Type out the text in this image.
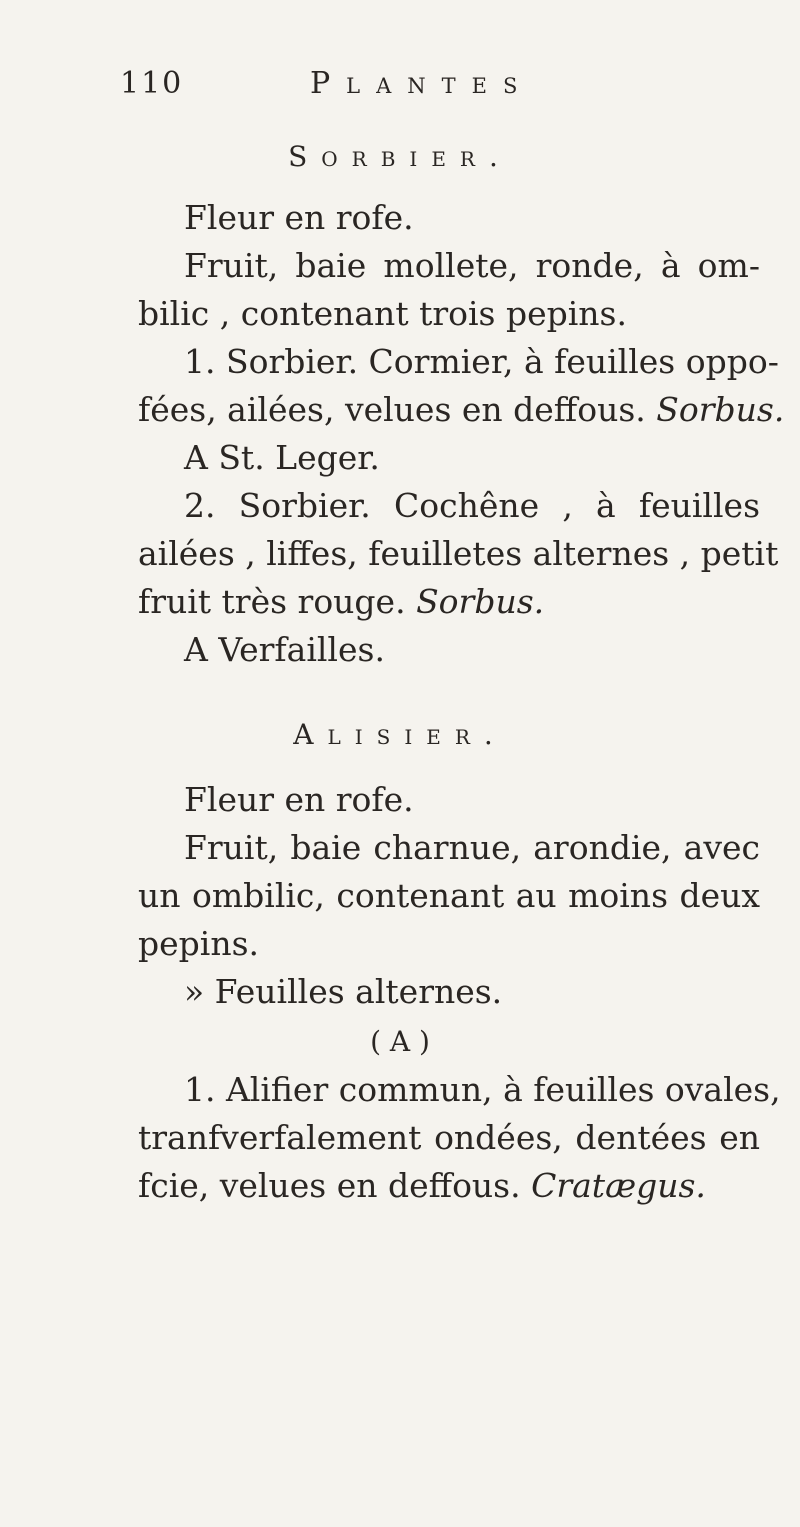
110	Plantes
Sorbier.
Fleur en rofe.
Fruit, baie mollete, ronde, à om-
bilic , contenant trois pepins.
1. Sorbier. Cormier, à feuilles oppo-
fées, ailées, velues en deffous. Sorbus.
A St. Leger.
2. Sorbier. Cochêne , à feuilles
ailées , liffes, feuilletes alternes , petit
fruit très rouge. Sorbus.
A Verfailles.
Alisier.
Fleur en rofe.
Fruit, baie charnue, arondie, avec
un ombilic, contenant au moins deux
pepins.
» Feuilles alternes.
( A )
1. Alifier commun, à feuilles ovales,
tranfverfalement ondées, dentées en
fcie, velues en deffous. Cratægus.
